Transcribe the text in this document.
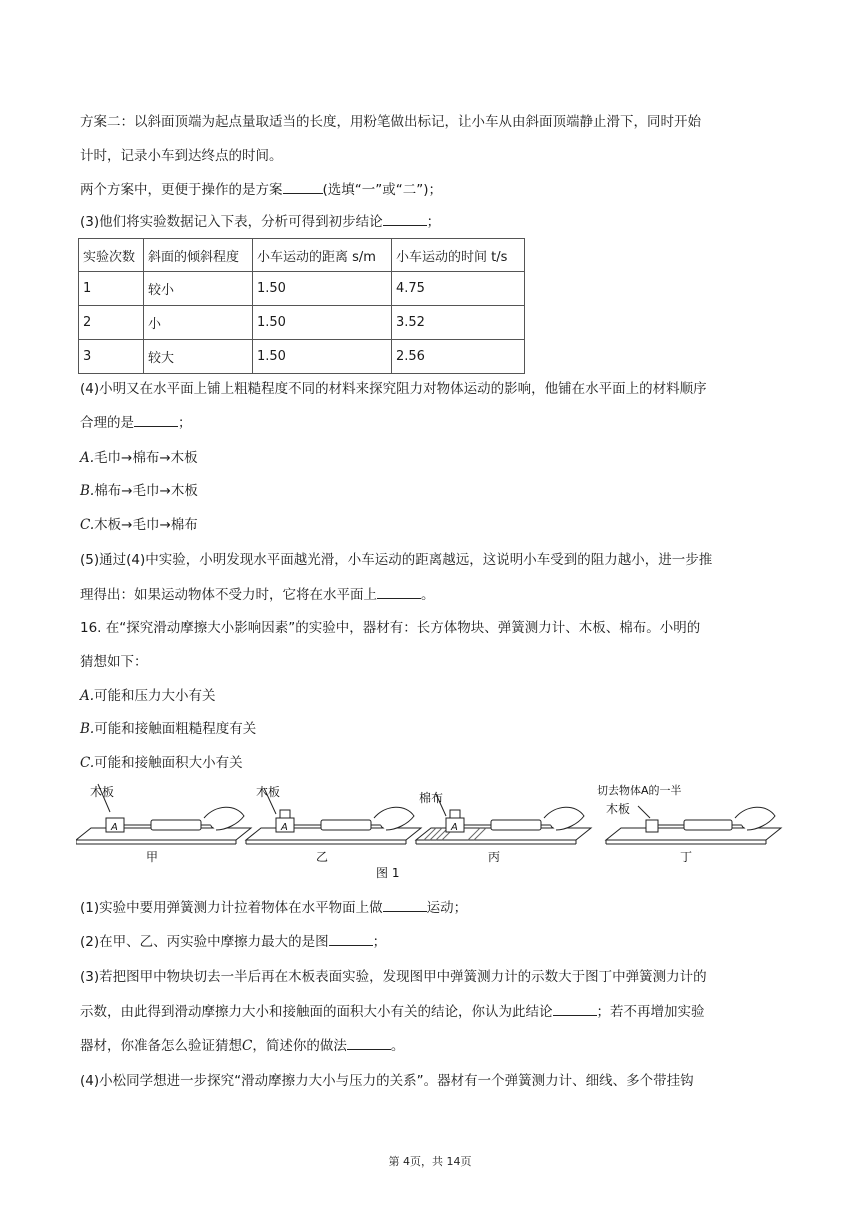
方案二：以斜面顶端为起点量取适当的长度，用粉笔做出标记，让小车从由斜面顶端静止滑下，同时开始
计时，记录小车到达终点的时间。
两个方案中，更便于操作的是方案	(选填“一”或“二”)；
(3)他们将实验数据记入下表，分析可得到初步结论	；
实验次数	斜面的倾斜程度	小车运动的距离 s/m	小车运动的时间 t/s
1	较小	1.50	4.75
2	小	1.50	3.52
3	较大	1.50	2.56
(4)小明又在水平面上铺上粗糙程度不同的材料来探究阻力对物体运动的影响，他铺在水平面上的材料顺序
合理的是	；
A.毛巾→棉布→木板
B.棉布→毛巾→木板
C.木板→毛巾→棉布
(5)通过(4)中实验，小明发现水平面越光滑，小车运动的距离越远，这说明小车受到的阻力越小，进一步推
理得出：如果运动物体不受力时，它将在水平面上	。
16. 在“探究滑动摩擦大小影响因素”的实验中，器材有：长方体物块、弹簧测力计、木板、棉布。小明的
猜想如下：
A.可能和压力大小有关
B.可能和接触面粗糙程度有关
C.可能和接触面积大小有关
木板	木板	棉布
切去物体A的一半
木板
A	A	A
甲	乙	丙	丁
图 1
(1)实验中要用弹簧测力计拉着物体在水平物面上做	运动；
(2)在甲、乙、丙实验中摩擦力最大的是图	；
(3)若把图甲中物块切去一半后再在木板表面实验，发现图甲中弹簧测力计的示数大于图丁中弹簧测力计的
示数，由此得到滑动摩擦力大小和接触面的面积大小有关的结论，你认为此结论	；若不再增加实验
器材，你准备怎么验证猜想C，简述你的做法	。
(4)小松同学想进一步探究“滑动摩擦力大小与压力的关系”。器材有一个弹簧测力计、细线、多个带挂钩
第 4页，共 14页
